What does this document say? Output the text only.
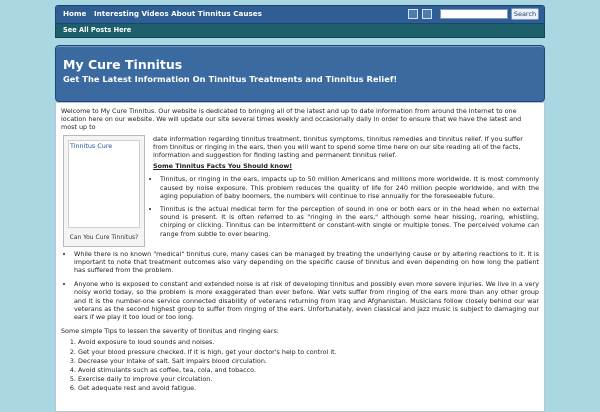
Home Interesting Videos About Tinnitus Causes	Search
See All Posts Here
My Cure Tinnitus
Get The Latest Information On Tinnitus Treatments and Tinnitus Relief!

Welcome to My Cure Tinnitus. Our website is dedicated to bringing all of the latest and up to date information from around the Internet to one location here on our website. We will update our site several times weekly and occasionally daily in order to ensure that we have the latest and most up to

Tinnitus Cure
Can You Cure Tinnitus?

date information regarding tinnitus treatment, tinnitus symptoms, tinnitus remedies and tinnitus relief. If you suffer from tinnitus or ringing in the ears, then you will want to spend some time here on our site reading all of the facts, information and suggestion for finding lasting and permanent tinnitus relief.

Some Tinnitus Facts You Should know!
• Tinnitus, or ringing in the ears, impacts up to 50 million Americans and millions more worldwide. It is most commonly caused by noise exposure. This problem reduces the quality of life for 240 million people worldwide, and with the aging population of baby boomers, the numbers will continue to rise annually for the foreseeable future.
• Tinnitus is the actual medical term for the perception of sound in one or both ears or in the head when no external sound is present. It is often referred to as "ringing in the ears," although some hear hissing, roaring, whistling, chirping or clicking. Tinnitus can be intermittent or constant-with single or multiple tones. The perceived volume can range from subtle to over bearing.
• While there is no known "medical" tinnitus cure, many cases can be managed by treating the underlying cause or by altering reactions to it. It is important to note that treatment outcomes also vary depending on the specific cause of tinnitus and even depending on how long the patient has suffered from the problem.
• Anyone who is exposed to constant and extended noise is at risk of developing tinnitus and possibly even more severe injuries. We live in a very noisy world today, so the problem is more exaggerated than ever before. War vets suffer from ringing of the ears more than any other group and it is the number-one service connected disability of veterans returning from Iraq and Afghanistan. Musicians follow closely behind our war veterans as the second highest group to suffer from ringing of the ears. Unfortunately, even classical and jazz music is subject to damaging our ears if we play it too loud or too long.

Some simple Tips to lessen the severity of tinnitus and ringing ears:

1. Avoid exposure to loud sounds and noises.
2. Get your blood pressure checked. If it is high, get your doctor's help to control it.
3. Decrease your intake of salt. Salt impairs blood circulation.
4. Avoid stimulants such as coffee, tea, cola, and tobacco.
5. Exercise daily to improve your circulation.
6. Get adequate rest and avoid fatigue.
